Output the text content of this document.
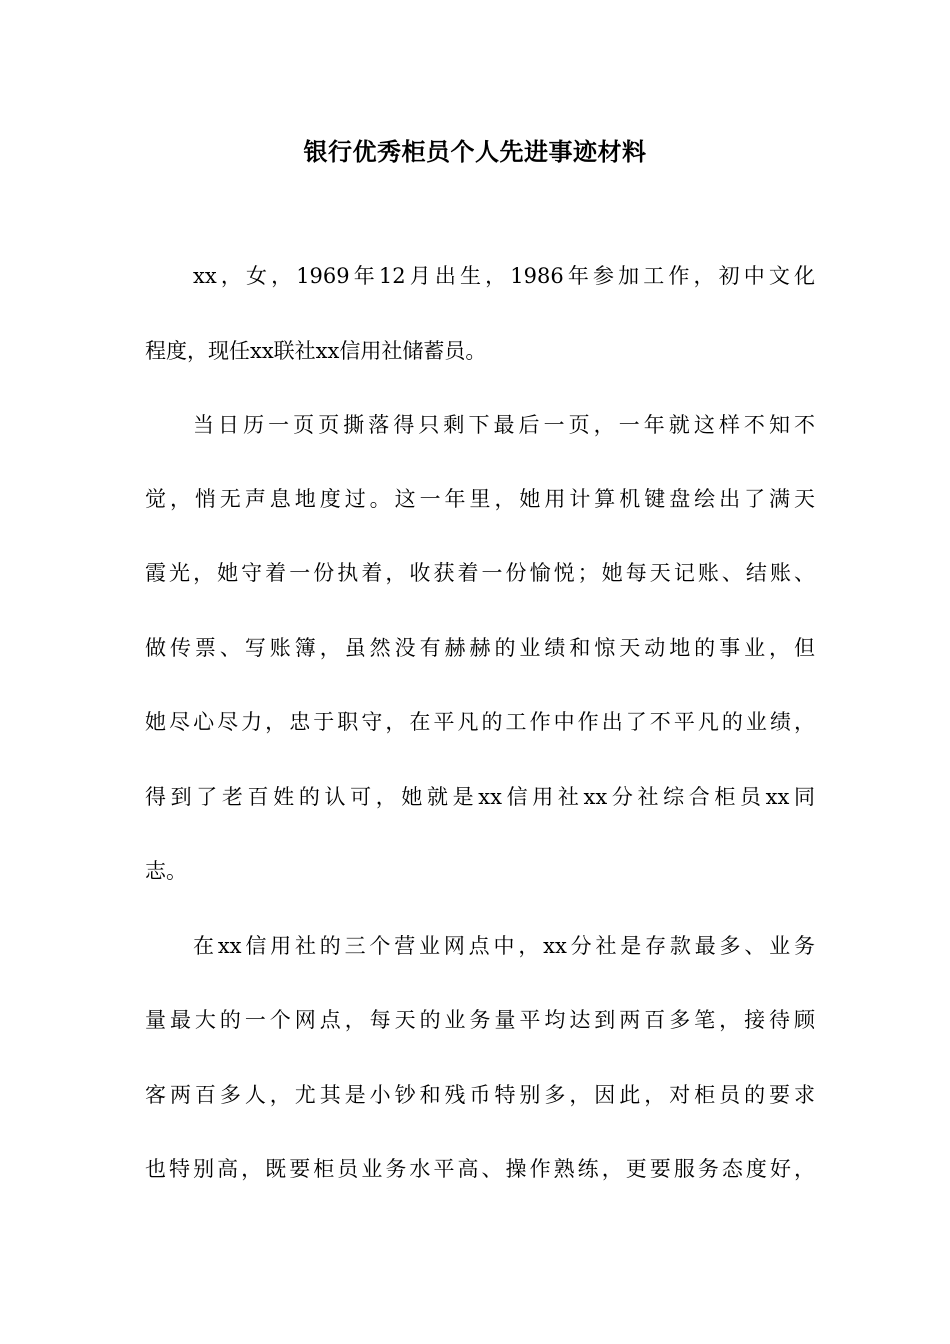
银行优秀柜员个人先进事迹材料
xx，女，1969年12月出生，1986年参加工作，初中文化
程度，现任xx联社xx信用社储蓄员。
当日历一页页撕落得只剩下最后一页，一年就这样不知不
觉，悄无声息地度过。这一年里，她用计算机键盘绘出了满天
霞光，她守着一份执着，收获着一份愉悦；她每天记账、结账、
做传票、写账簿，虽然没有赫赫的业绩和惊天动地的事业，但
她尽心尽力，忠于职守，在平凡的工作中作出了不平凡的业绩，
得到了老百姓的认可，她就是xx信用社xx分社综合柜员xx同
志。
在xx信用社的三个营业网点中，xx分社是存款最多、业务
量最大的一个网点，每天的业务量平均达到两百多笔，接待顾
客两百多人，尤其是小钞和残币特别多，因此，对柜员的要求
也特别高，既要柜员业务水平高、操作熟练，更要服务态度好，
